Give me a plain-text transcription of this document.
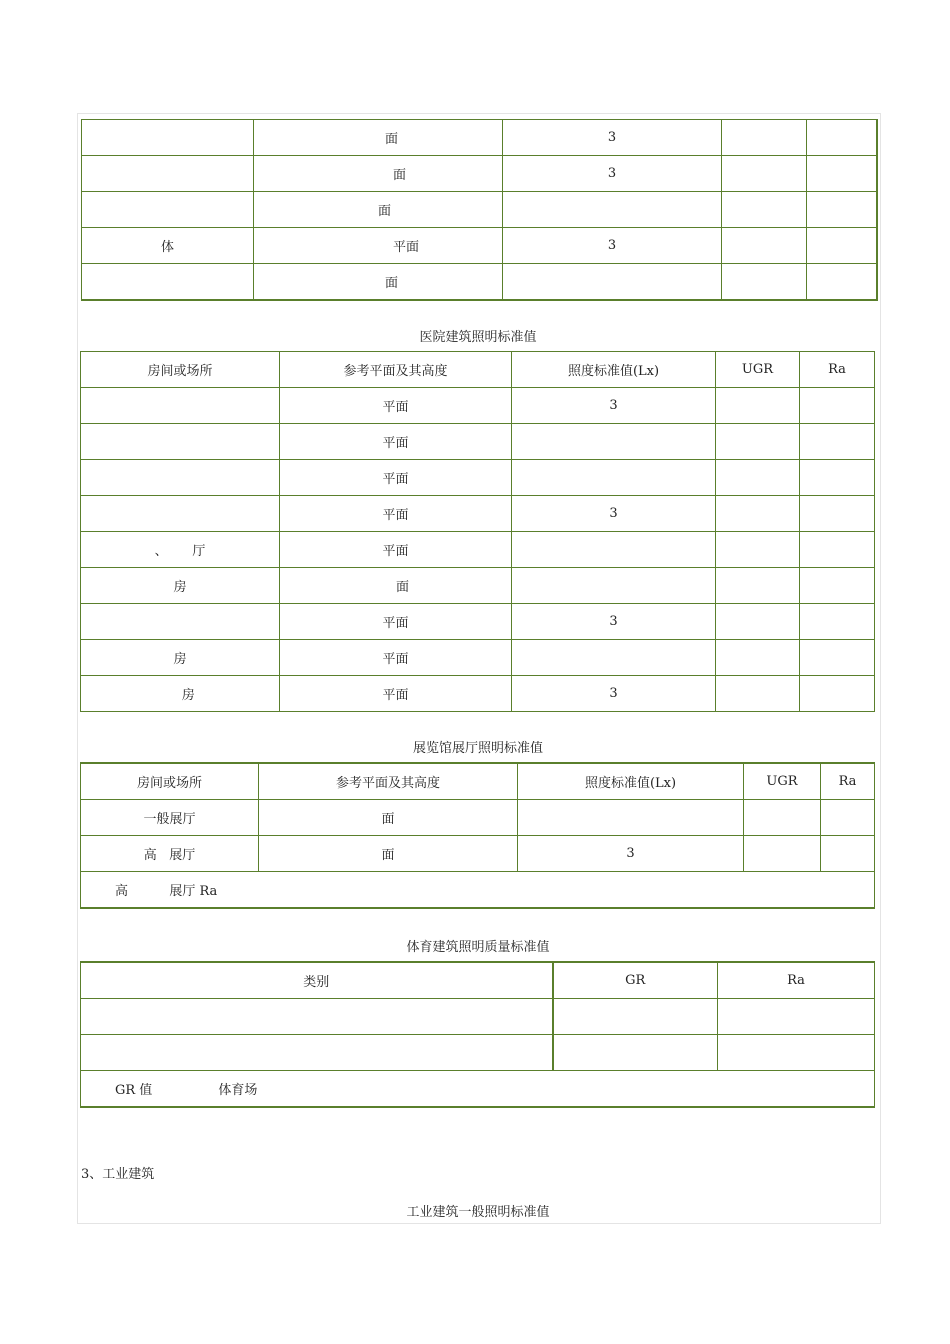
	面	3		
	面	3		
	面			
体	平面	3		
	面			
医院建筑照明标准值
房间或场所	参考平面及其高度	照度标准值(Lx)	UGR	Ra
	平面	3		
	平面			
	平面			
	平面	3		
、      厅	平面			
房	面			
	平面	3		
房	平面			
房	平面	3		
展览馆展厅照明标准值
房间或场所	参考平面及其高度	照度标准值(Lx)	UGR	Ra
一般展厅	面			
高   展厅	面	3		
高          展厅 Ra				
体育建筑照明质量标准值
类别	GR	Ra

GR 值                体育场		
3、工业建筑
工业建筑一般照明标准值
